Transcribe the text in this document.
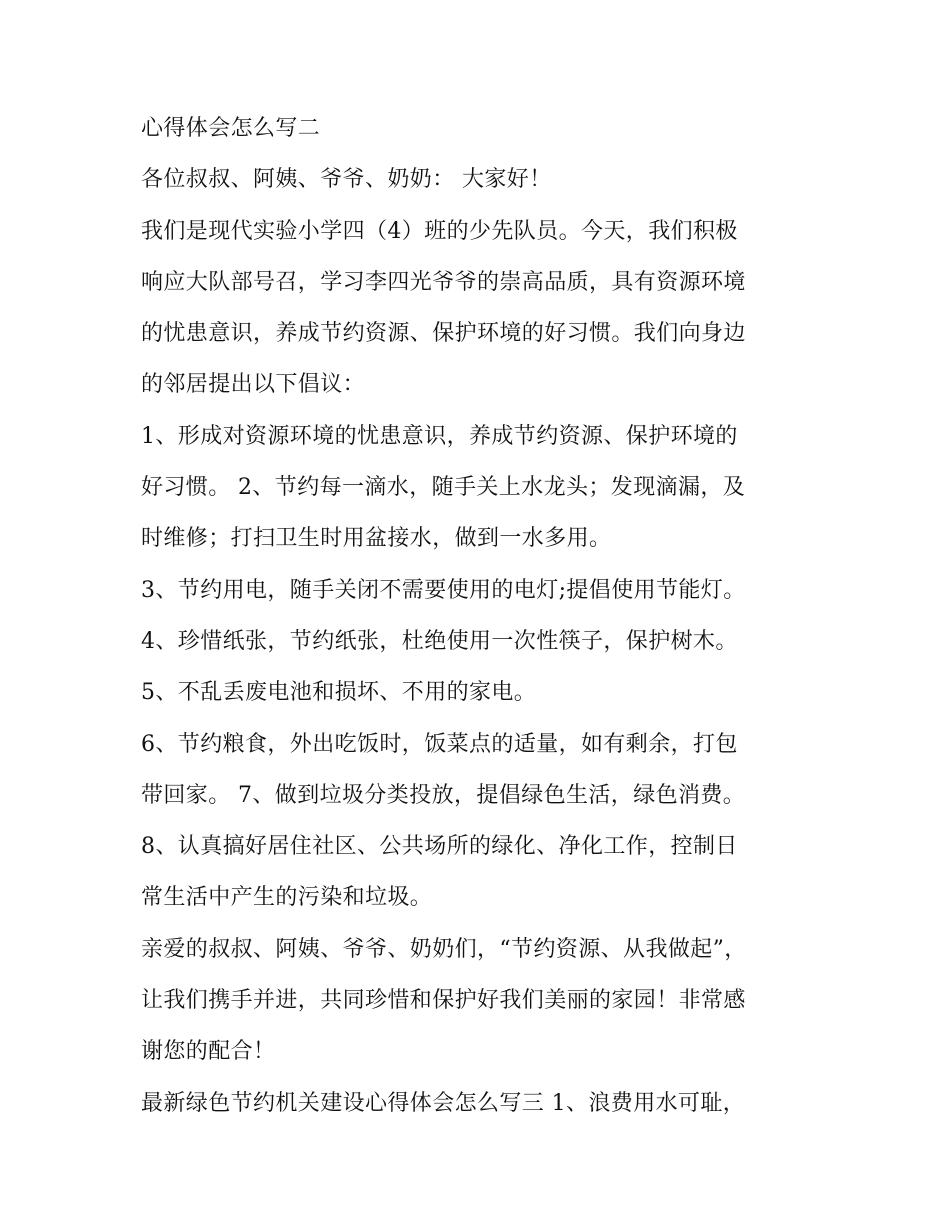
心得体会怎么写二
各位叔叔、阿姨、爷爷、奶奶： 大家好！
我们是现代实验小学四（4）班的少先队员。今天，我们积极
响应大队部号召，学习李四光爷爷的崇高品质，具有资源环境
的忧患意识，养成节约资源、保护环境的好习惯。我们向身边
的邻居提出以下倡议：
1、形成对资源环境的忧患意识，养成节约资源、保护环境的
好习惯。 2、节约每一滴水，随手关上水龙头；发现滴漏，及
时维修；打扫卫生时用盆接水，做到一水多用。
3、节约用电，随手关闭不需要使用的电灯;提倡使用节能灯。
4、珍惜纸张，节约纸张，杜绝使用一次性筷子，保护树木。
5、不乱丢废电池和损坏、不用的家电。
6、节约粮食，外出吃饭时，饭菜点的适量，如有剩余，打包
带回家。 7、做到垃圾分类投放，提倡绿色生活，绿色消费。
8、认真搞好居住社区、公共场所的绿化、净化工作，控制日
常生活中产生的污染和垃圾。
亲爱的叔叔、阿姨、爷爷、奶奶们，“节约资源、从我做起”，
让我们携手并进，共同珍惜和保护好我们美丽的家园！非常感
谢您的配合！
最新绿色节约机关建设心得体会怎么写三 1、浪费用水可耻，
